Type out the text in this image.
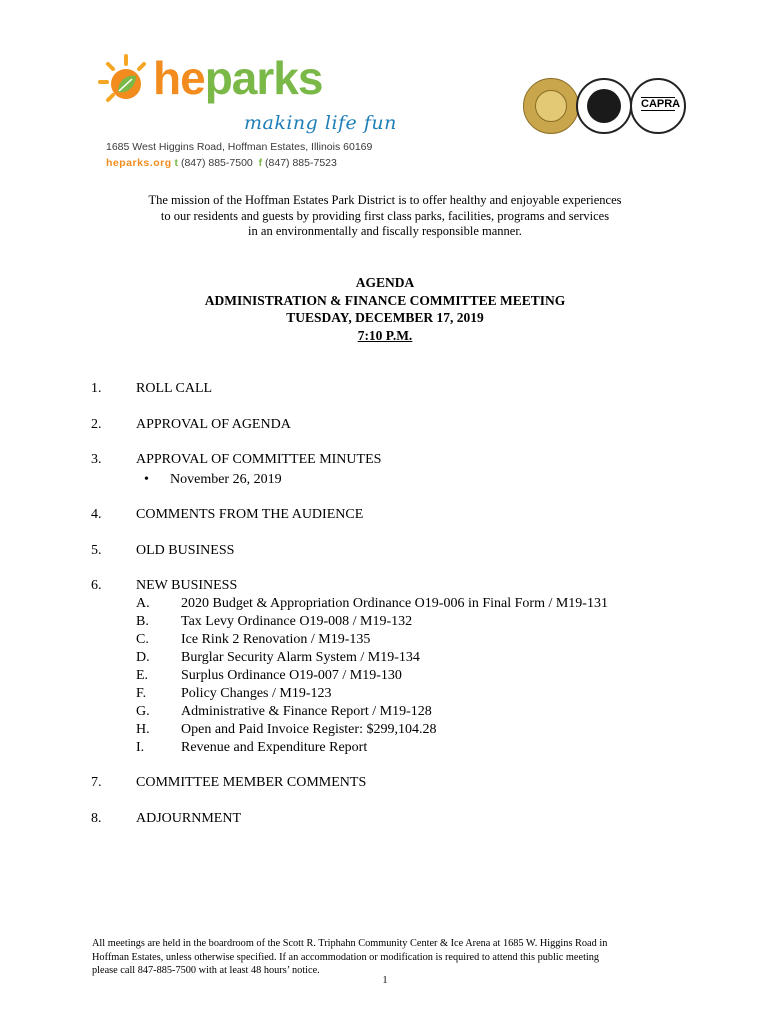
heparks
making life fun
1685 West Higgins Road, Hoffman Estates, Illinois 60169
heparks.org t (847) 885-7500 f (847) 885-7523
CAPRA
The mission of the Hoffman Estates Park District is to offer healthy and enjoyable experiences
to our residents and guests by providing first class parks, facilities, programs and services
in an environmentally and fiscally responsible manner.
AGENDA
ADMINISTRATION & FINANCE COMMITTEE MEETING
TUESDAY, DECEMBER 17, 2019
7:10 P.M.
1. ROLL CALL
2. APPROVAL OF AGENDA
3. APPROVAL OF COMMITTEE MINUTES
• November 26, 2019
4. COMMENTS FROM THE AUDIENCE
5. OLD BUSINESS
6. NEW BUSINESS
A. 2020 Budget & Appropriation Ordinance O19-006 in Final Form / M19-131
B. Tax Levy Ordinance O19-008 / M19-132
C. Ice Rink 2 Renovation / M19-135
D. Burglar Security Alarm System / M19-134
E. Surplus Ordinance O19-007 / M19-130
F. Policy Changes / M19-123
G. Administrative & Finance Report / M19-128
H. Open and Paid Invoice Register: $299,104.28
I.	Revenue and Expenditure Report
7. COMMITTEE MEMBER COMMENTS
8. ADJOURNMENT
All meetings are held in the boardroom of the Scott R. Triphahn Community Center & Ice Arena at 1685 W. Higgins Road in
Hoffman Estates, unless otherwise specified. If an accommodation or modification is required to attend this public meeting
please call 847-885-7500 with at least 48 hours’ notice.
1
